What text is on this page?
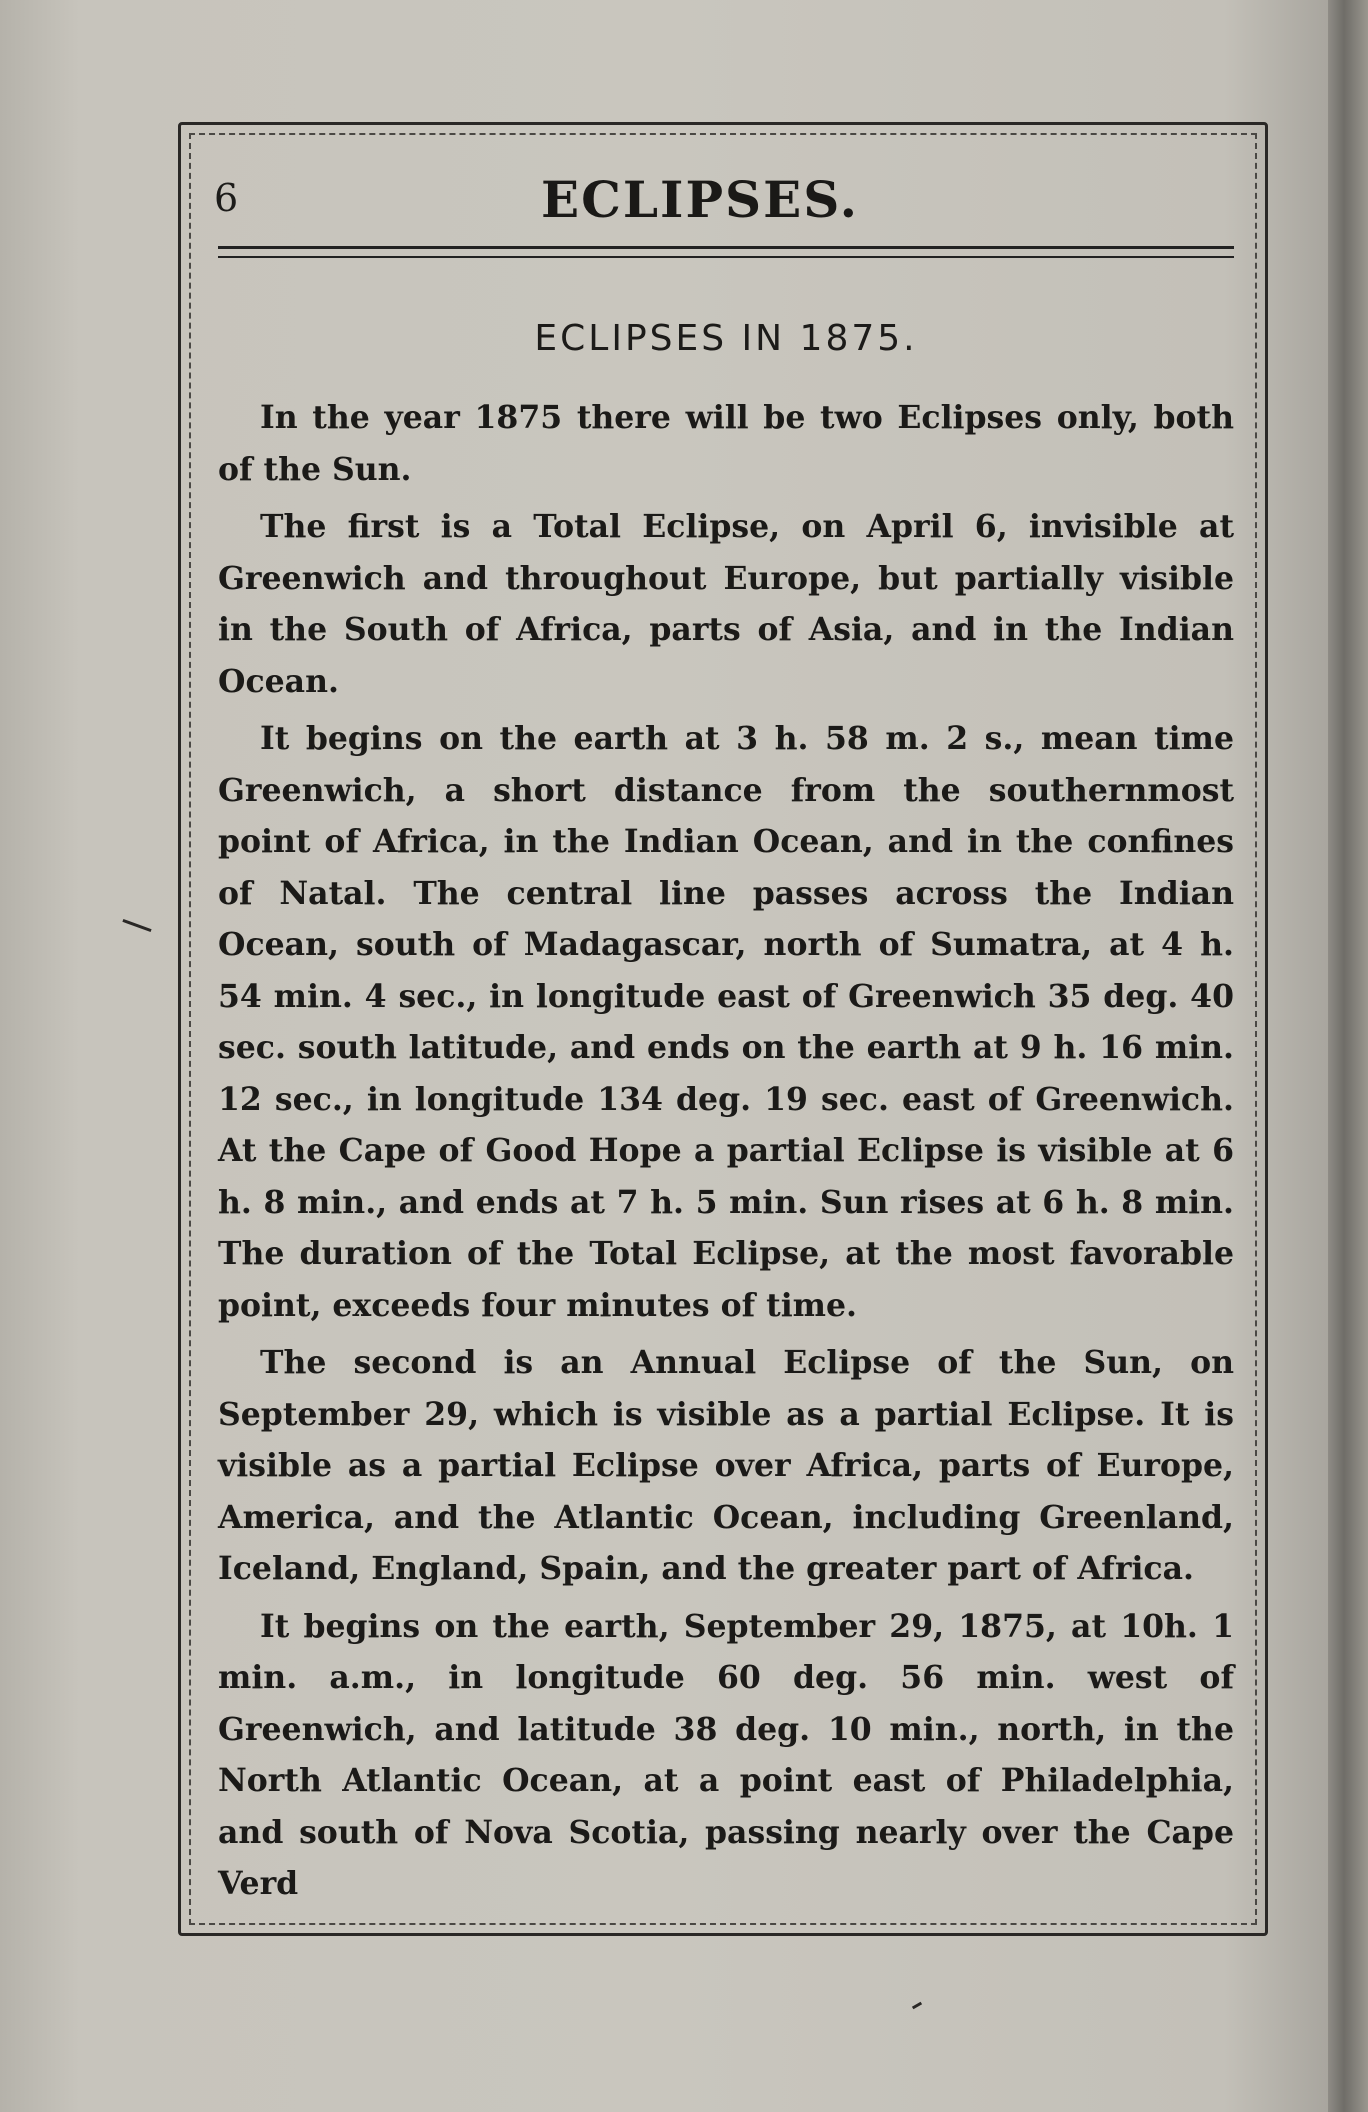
6	ECLIPSES.
ECLIPSES IN 1875.

In the year 1875 there will be two Eclipses only, both of the Sun.

The first is a Total Eclipse, on April 6, invisible at Greenwich and throughout Europe, but partially visible in the South of Africa, parts of Asia, and in the Indian Ocean.

It begins on the earth at 3 h. 58 m. 2 s., mean time Greenwich, a short distance from the southernmost point of Africa, in the Indian Ocean, and in the confines of Natal. The central line passes across the Indian Ocean, south of Madagascar, north of Sumatra, at 4 h. 54 min. 4 sec., in longitude east of Greenwich 35 deg. 40 sec. south latitude, and ends on the earth at 9 h. 16 min. 12 sec., in longitude 134 deg. 19 sec. east of Greenwich. At the Cape of Good Hope a partial Eclipse is visible at 6 h. 8 min., and ends at 7 h. 5 min. Sun rises at 6 h. 8 min. The duration of the Total Eclipse, at the most favorable point, exceeds four minutes of time.

The second is an Annual Eclipse of the Sun, on September 29, which is visible as a partial Eclipse. It is visible as a partial Eclipse over Africa, parts of Europe, America, and the Atlantic Ocean, including Greenland, Iceland, England, Spain, and the greater part of Africa.

It begins on the earth, September 29, 1875, at 10h. 1 min. a.m., in longitude 60 deg. 56 min. west of Greenwich, and latitude 38 deg. 10 min., north, in the North Atlantic Ocean, at a point east of Philadelphia, and south of Nova Scotia, passing nearly over the Cape Verd
